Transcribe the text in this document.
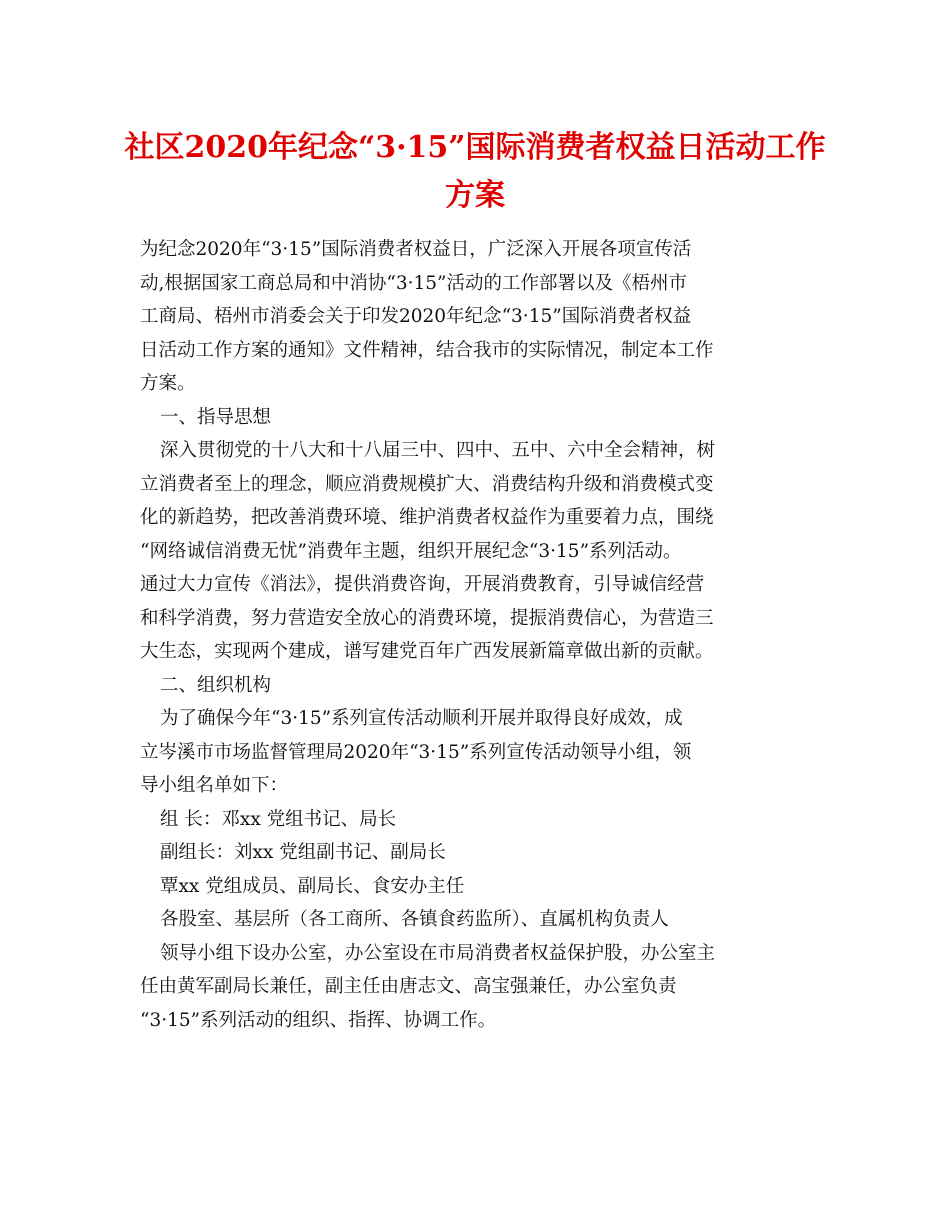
社区2020年纪念“3·15”国际消费者权益日活动工作
方案

为纪念2020年“3·15”国际消费者权益日，广泛深入开展各项宣传活

动,根据国家工商总局和中消协“3·15”活动的工作部署以及《梧州市

工商局、梧州市消委会关于印发2020年纪念“3·15”国际消费者权益

日活动工作方案的通知》文件精神，结合我市的实际情况，制定本工作

方案。

一、指导思想

深入贯彻党的十八大和十八届三中、四中、五中、六中全会精神，树

立消费者至上的理念，顺应消费规模扩大、消费结构升级和消费模式变

化的新趋势，把改善消费环境、维护消费者权益作为重要着力点，围绕

“网络诚信消费无忧”消费年主题，组织开展纪念“3·15”系列活动。

通过大力宣传《消法》，提供消费咨询，开展消费教育，引导诚信经营

和科学消费，努力营造安全放心的消费环境，提振消费信心，为营造三

大生态，实现两个建成，谱写建党百年广西发展新篇章做出新的贡献。

二、组织机构

为了确保今年“3·15”系列宣传活动顺利开展并取得良好成效，成

立岑溪市市场监督管理局2020年“3·15”系列宣传活动领导小组，领

导小组名单如下：

组 长：邓xx 党组书记、局长

副组长：刘xx 党组副书记、副局长

覃xx 党组成员、副局长、食安办主任

各股室、基层所（各工商所、各镇食药监所）、直属机构负责人

领导小组下设办公室，办公室设在市局消费者权益保护股，办公室主

任由黄军副局长兼任，副主任由唐志文、高宝强兼任，办公室负责

“3·15”系列活动的组织、指挥、协调工作。
